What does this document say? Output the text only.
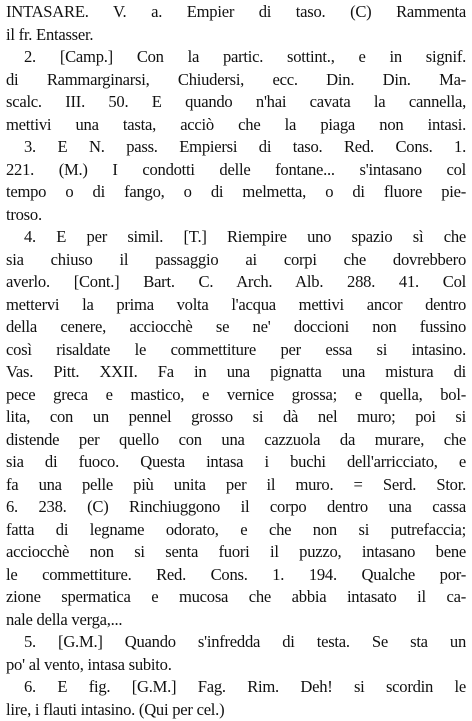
INTASARE. V. a. Empier di taso. (C) Rammenta
il fr. Entasser.
2. [Camp.] Con la partic. sottint., e in signif.
di Rammarginarsi, Chiudersi, ecc. Din. Din. Ma-
scalc. III. 50. E quando n'hai cavata la cannella,
mettivi una tasta, acciò che la piaga non intasi.
3. E N. pass. Empiersi di taso. Red. Cons. 1.
221. (M.) I condotti delle fontane... s'intasano col
tempo o di fango, o di melmetta, o di fluore pie-
troso.
4. E per simil. [T.] Riempire uno spazio sì che
sia chiuso il passaggio ai corpi che dovrebbero
averlo. [Cont.] Bart. C. Arch. Alb. 288. 41. Col
mettervi la prima volta l'acqua mettivi ancor dentro
della cenere, acciocchè se ne' doccioni non fussino
così risaldate le commettiture per essa si intasino.
Vas. Pitt. XXII. Fa in una pignatta una mistura di
pece greca e mastico, e vernice grossa; e quella, bol-
lita, con un pennel grosso si dà nel muro; poi si
distende per quello con una cazzuola da murare, che
sia di fuoco. Questa intasa i buchi dell'arricciato, e
fa una pelle più unita per il muro. = Serd. Stor.
6. 238. (C) Rinchiuggono il corpo dentro una cassa
fatta di legname odorato, e che non si putrefaccia;
acciocchè non si senta fuori il puzzo, intasano bene
le commettiture. Red. Cons. 1. 194. Qualche por-
zione spermatica e mucosa che abbia intasato il ca-
nale della verga,...
5. [G.M.] Quando s'infredda di testa. Se sta un
po' al vento, intasa subito.
6. E fig. [G.M.] Fag. Rim. Deh! si scordin le
lire, i flauti intasino. (Qui per cel.)
